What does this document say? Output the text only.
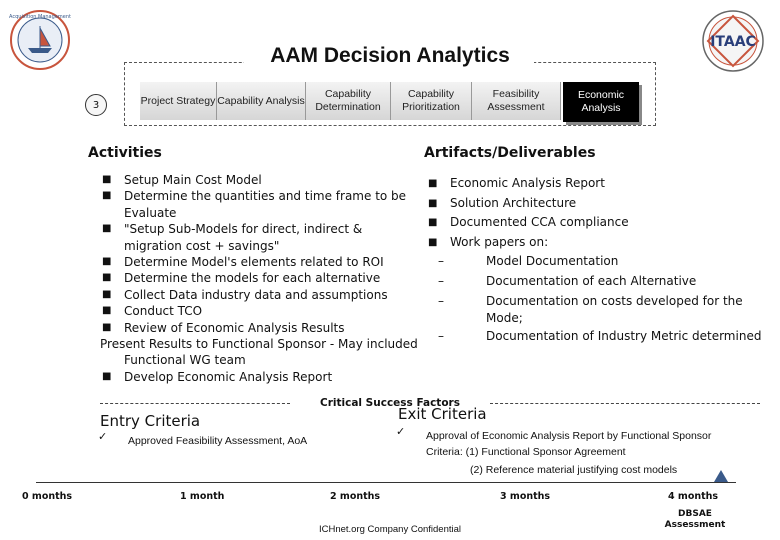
Acquisition Management
ITAAC
AAM Decision Analytics
3	Project Strategy Capability Analysis
Capability Determination
Capability Prioritization
Feasibility Assessment
Economic Analysis
Activities
■ Setup Main Cost Model
■ Determine the quantities and time frame to be Evaluate
■ "Setup Sub-Models for direct, indirect & migration cost + savings"
■ Determine Model's elements related to ROI
■ Determine the models for each alternative
■ Collect Data industry data and assumptions
■ Conduct TCO
■ Review of Economic Analysis Results
Present Results to Functional Sponsor - May included Functional WG team
■ Develop Economic Analysis Report
Artifacts/Deliverables
■ Economic Analysis Report
■ Solution Architecture
■ Documented CCA compliance
■ Work papers on:
–	Model Documentation
–	Documentation of each Alternative
–	Documentation on costs developed for the Mode;
–	Documentation of Industry Metric determined
Critical Success Factors
Entry Criteria
✓ Approved Feasibility Assessment, AoA
Exit Criteria
✓ Approval of Economic Analysis Report by Functional Sponsor
Criteria: (1) Functional Sponsor Agreement
(2) Reference material justifying cost models
0 months	1 month	2 months	3 months	4 months
ICHnet.org Company Confidential
DBSAE
Assessment
